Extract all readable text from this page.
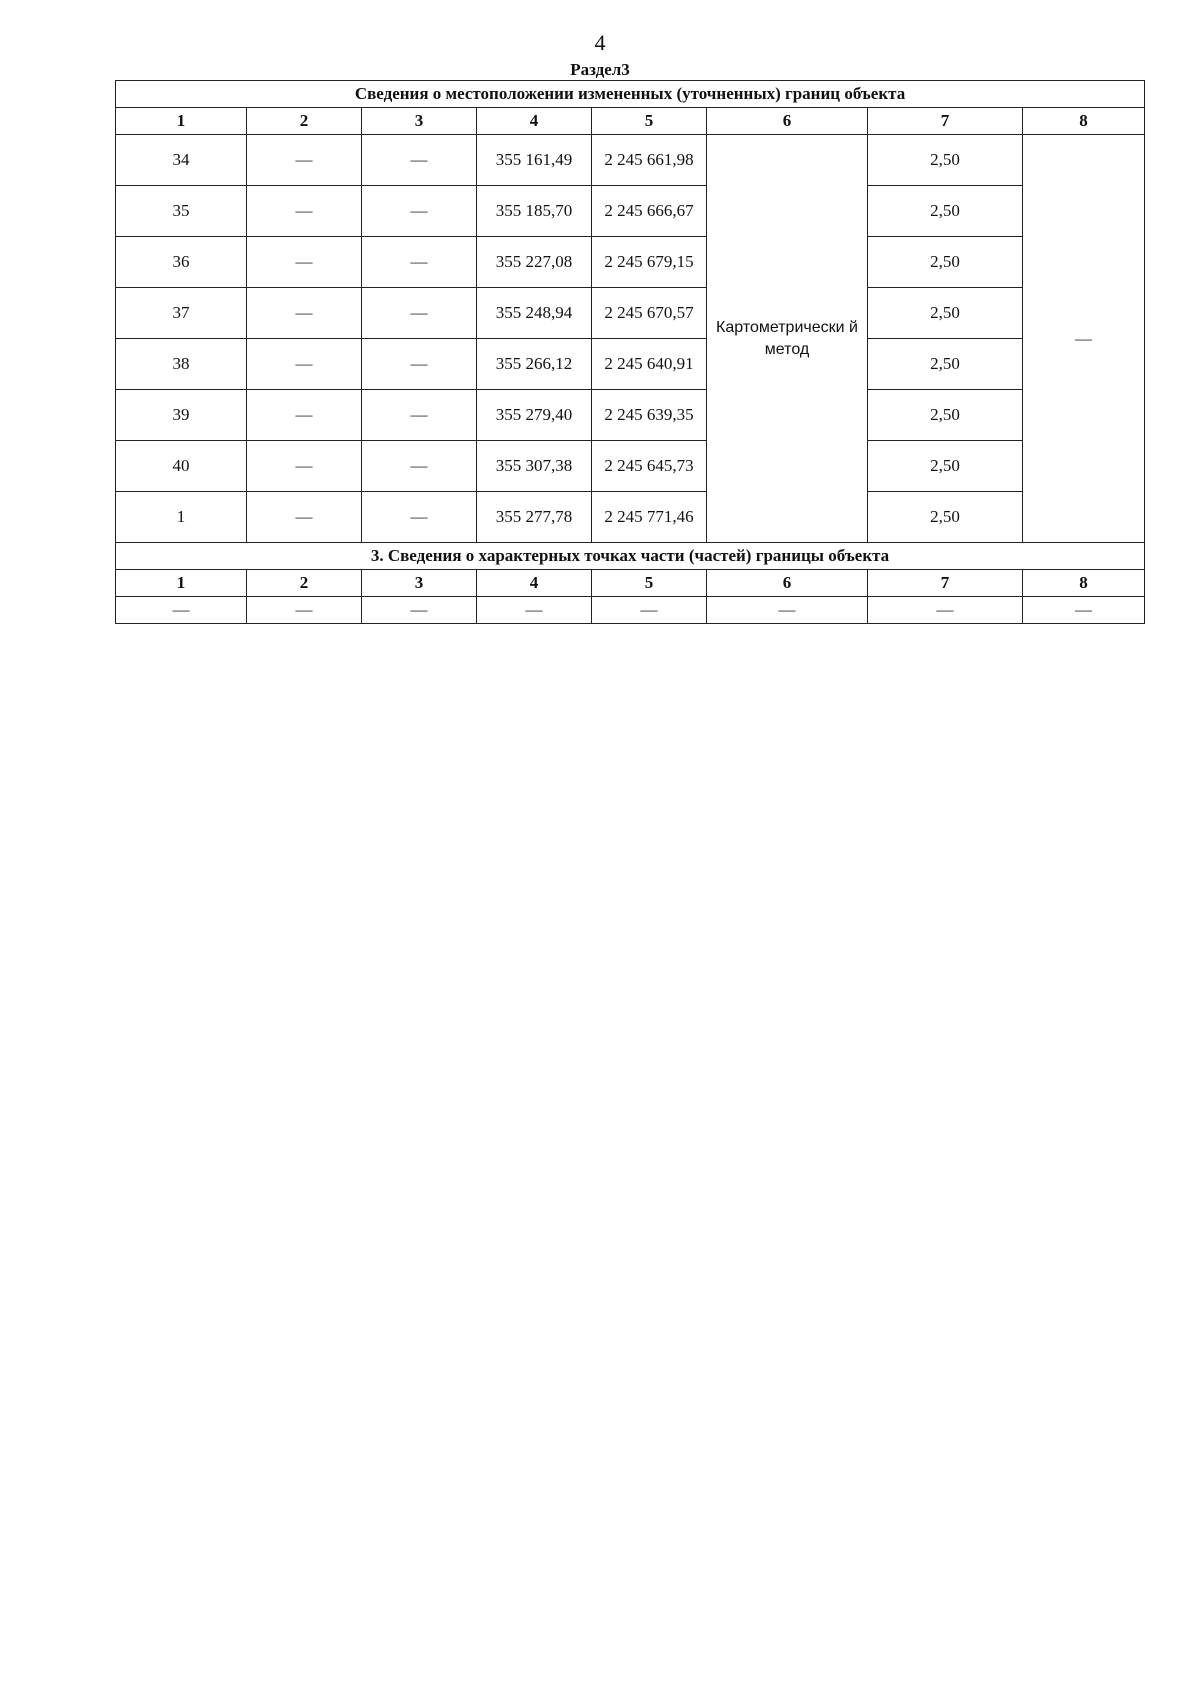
4
Раздел3
Сведения о местоположении измененных (уточненных) границ объекта							
1	2	3	4	5	6	7	8
34	—	—	355 161,49	2 245 661,98	Картометрически й метод	2,50	—
35	—	—	355 185,70	2 245 666,67		2,50	
36	—	—	355 227,08	2 245 679,15		2,50	
37	—	—	355 248,94	2 245 670,57		2,50	
38	—	—	355 266,12	2 245 640,91		2,50	
39	—	—	355 279,40	2 245 639,35		2,50	
40	—	—	355 307,38	2 245 645,73		2,50	
1	—	—	355 277,78	2 245 771,46		2,50	
3. Сведения о характерных точках части (частей) границы объекта							
1	2	3	4	5	6	7	8
—	—	—	—	—	—	—	—
